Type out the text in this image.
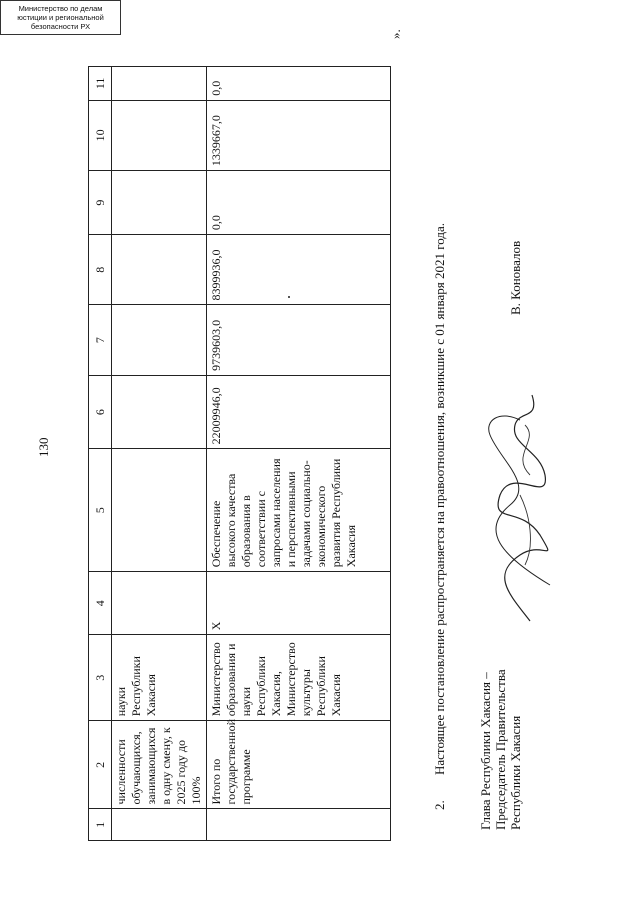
130
1	2	3	4	5	6	7	8	9	10	11
	численности обучающихся, занимающихся в одну смену, к 2025 году до 100%	науки Республики Хакасия								
	Итого по государственной программе	Министерство образования и науки Республики Хакасия, Министерство культуры Республики Хакасия	Х	Обеспечение высокого качества образования в соответствии с запросами населения и перспективными задачами социально-экономического развития Республики Хакасия	22009946,0	9739603,0	8399936,0	0,0	1339667,0	0,0
».
2. Настоящее постановление распространяется на правоотношения, возникшие с 01 января 2021 года. Глава Республики Хакасия – Председатель Правительства Республики Хакасия
В. Коновалов
Министерство по делам
юстиции и региональной
безопасности РХ
